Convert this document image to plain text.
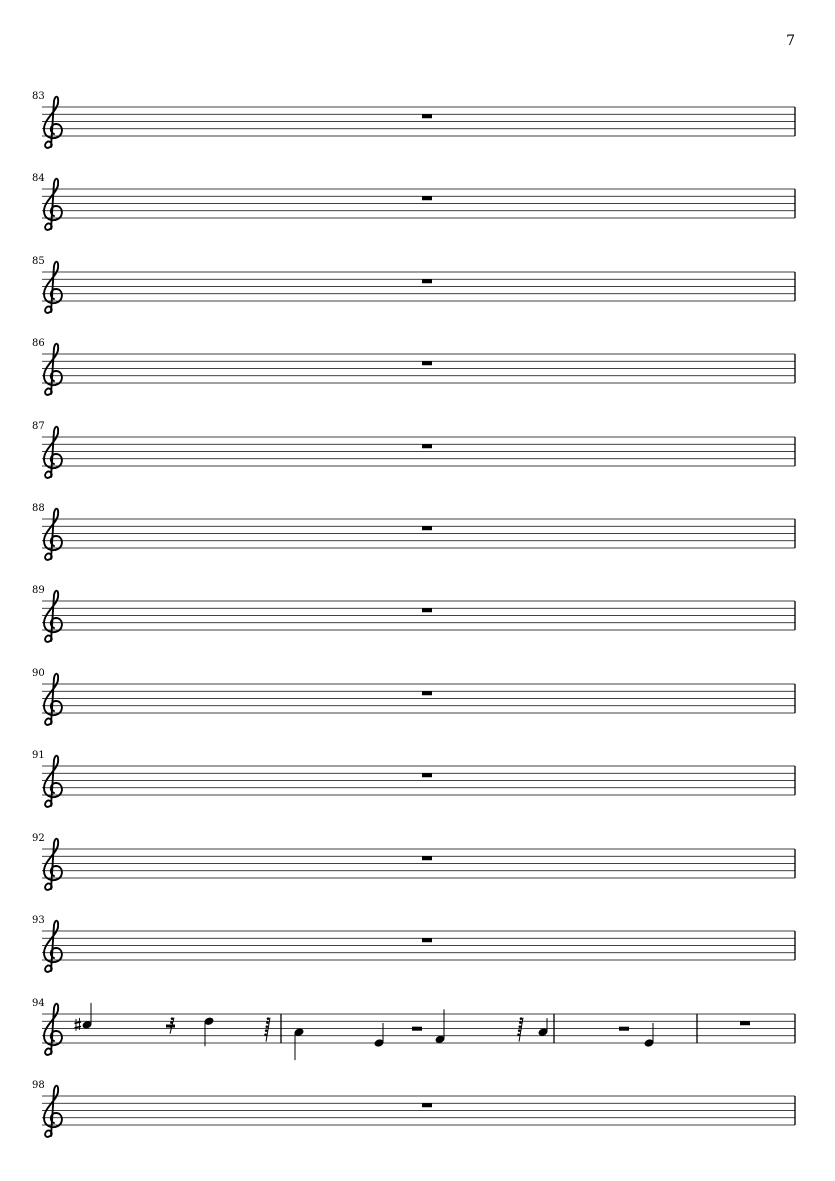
7
83
84
85
86
87
88
89
90
91
92
93
94
98
